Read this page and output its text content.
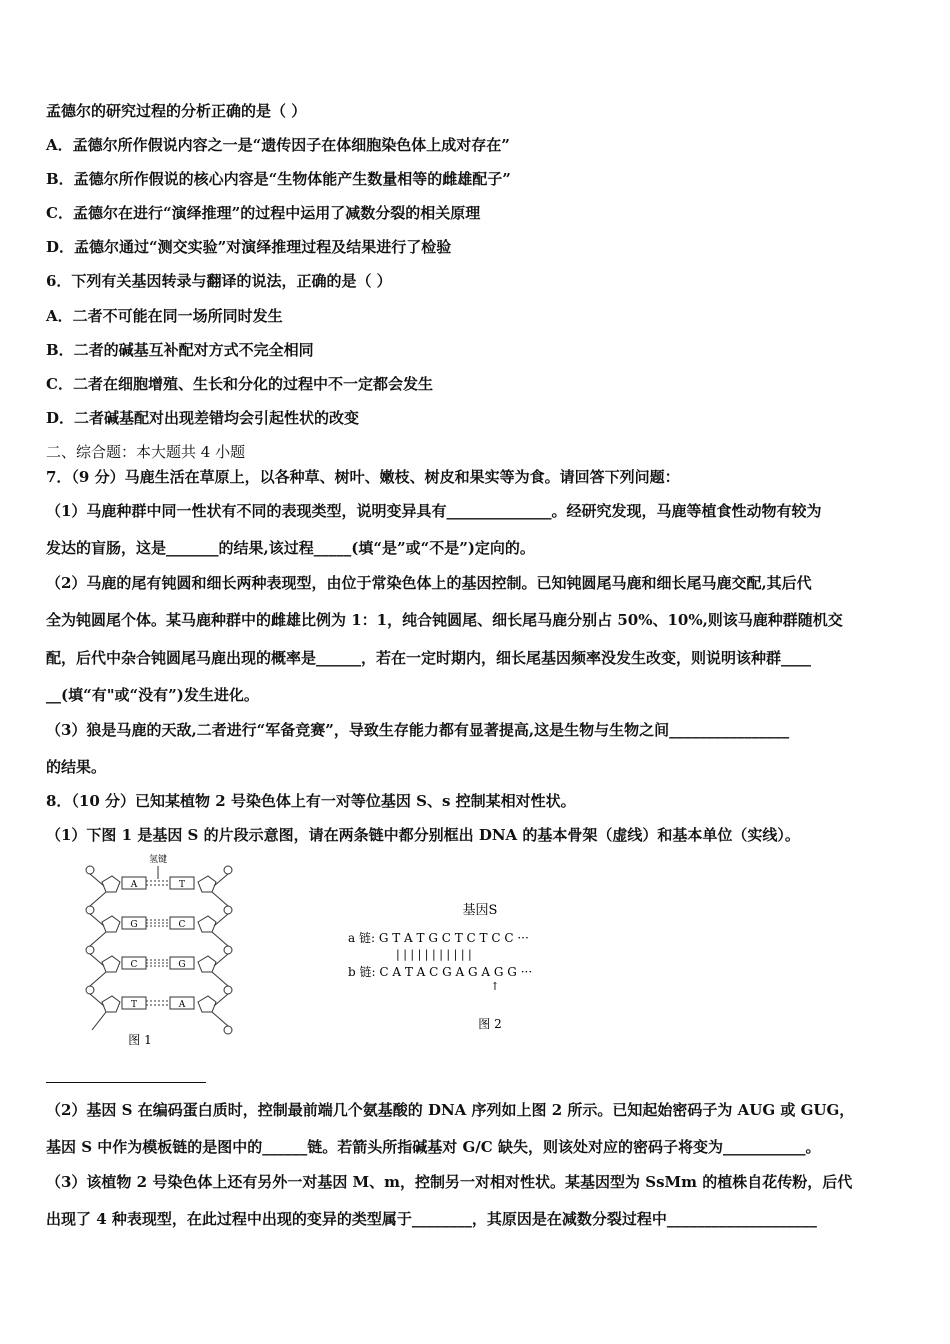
孟德尔的研究过程的分析正确的是（ ）
A．孟德尔所作假说内容之一是“遗传因子在体细胞染色体上成对存在”
B．孟德尔所作假说的核心内容是“生物体能产生数量相等的雌雄配子”
C．孟德尔在进行“演绎推理”的过程中运用了减数分裂的相关原理
D．孟德尔通过“测交实验”对演绎推理过程及结果进行了检验
6．下列有关基因转录与翻译的说法，正确的是（ ）
A．二者不可能在同一场所同时发生
B．二者的碱基互补配对方式不完全相同
C．二者在细胞增殖、生长和分化的过程中不一定都会发生
D．二者碱基配对出现差错均会引起性状的改变
二、综合题：本大题共 4 小题
7．（9 分）马鹿生活在草原上，以各种草、树叶、嫩枝、树皮和果实等为食。请回答下列问题：
（1）马鹿种群中同一性状有不同的表现类型，说明变异具有______________。经研究发现，马鹿等植食性动物有较为
发达的盲肠，这是_______的结果,该过程_____(填“是”或“不是”)定向的。
（2）马鹿的尾有钝圆和细长两种表现型，由位于常染色体上的基因控制。已知钝圆尾马鹿和细长尾马鹿交配,其后代
全为钝圆尾个体。某马鹿种群中的雌雄比例为 1：1，纯合钝圆尾、细长尾马鹿分别占 50%、10%,则该马鹿种群随机交
配，后代中杂合钝圆尾马鹿出现的概率是______，若在一定时期内，细长尾基因频率没发生改变，则说明该种群____
__(填“有"或“没有”)发生进化。
（3）狼是马鹿的天敌,二者进行“军备竞赛”，导致生存能力都有显著提高,这是生物与生物之间________________
的结果。
8．（10 分）已知某植物 2 号染色体上有一对等位基因 S、s 控制某相对性状。
（1）下图 1 是基因 S 的片段示意图，请在两条链中都分别框出 DNA 的基本骨架（虚线）和基本单位（实线）。
氢键
A	T
G	C
C	G
T	A
图 1
基因S
a 链: G T A T G C T C T C C ···
| | | | | | | | | | |
b 链: C A T A C G A G A G G ···
↑
图 2
（2）基因 S 在编码蛋白质时，控制最前端几个氨基酸的 DNA 序列如上图 2 所示。已知起始密码子为 AUG 或 GUG，
基因 S 中作为模板链的是图中的______链。若箭头所指碱基对 G/C 缺失，则该处对应的密码子将变为___________。
（3）该植物 2 号染色体上还有另外一对基因 M、m，控制另一对相对性状。某基因型为 SsMm 的植株自花传粉，后代
出现了 4 种表现型，在此过程中出现的变异的类型属于________，其原因是在减数分裂过程中____________________
